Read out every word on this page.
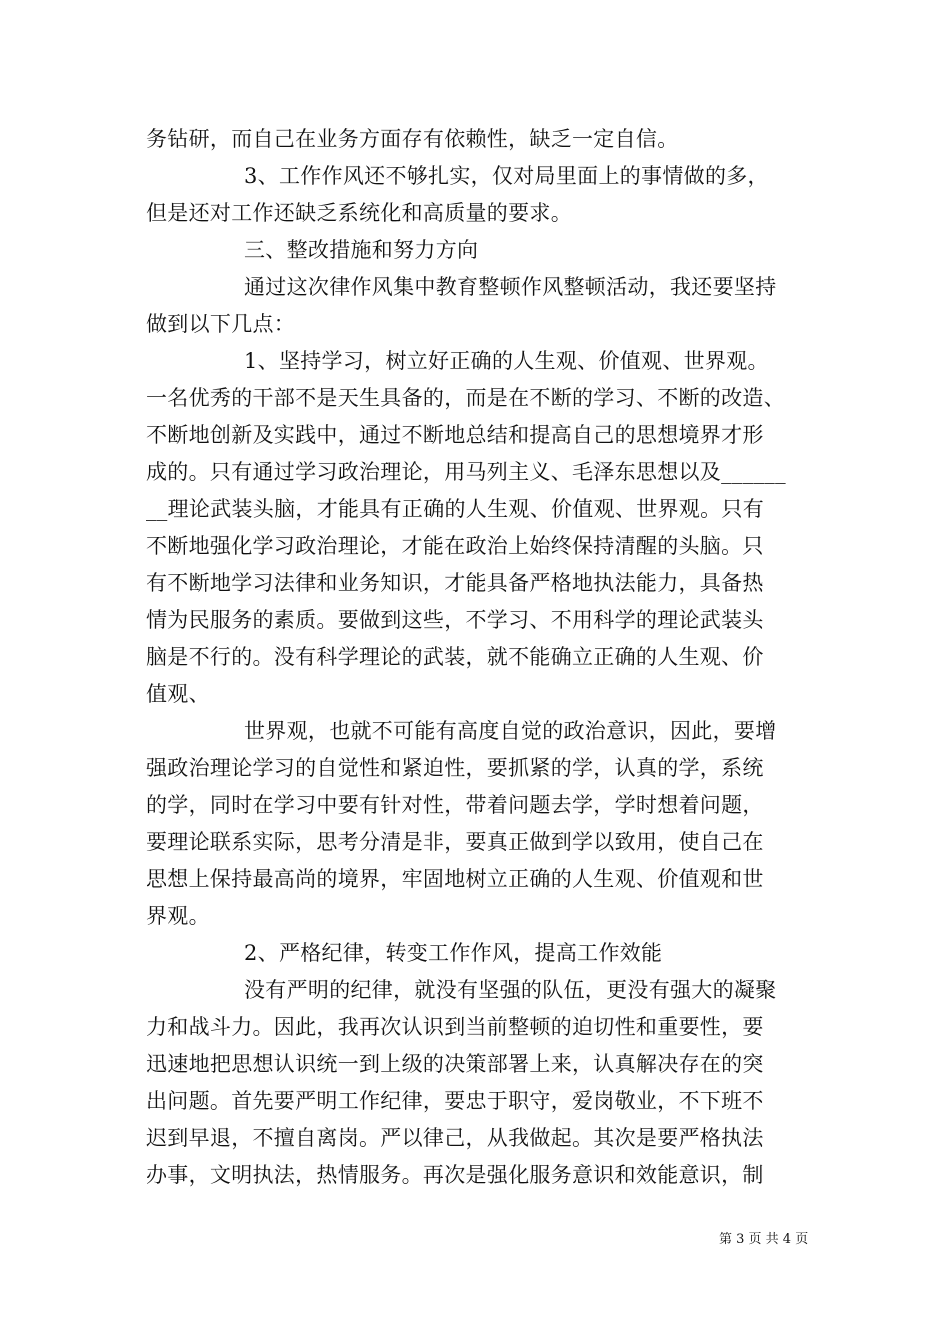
务钻研，而自己在业务方面存有依赖性，缺乏一定自信。
3、工作作风还不够扎实，仅对局里面上的事情做的多，
但是还对工作还缺乏系统化和高质量的要求。
三、整改措施和努力方向
通过这次律作风集中教育整顿作风整顿活动，我还要坚持
做到以下几点：
1、坚持学习，树立好正确的人生观、价值观、世界观。
一名优秀的干部不是天生具备的，而是在不断的学习、不断的改造、
不断地创新及实践中，通过不断地总结和提高自己的思想境界才形
成的。只有通过学习政治理论，用马列主义、毛泽东思想以及______
__理论武装头脑，才能具有正确的人生观、价值观、世界观。只有
不断地强化学习政治理论，才能在政治上始终保持清醒的头脑。只
有不断地学习法律和业务知识，才能具备严格地执法能力，具备热
情为民服务的素质。要做到这些，不学习、不用科学的理论武装头
脑是不行的。没有科学理论的武装，就不能确立正确的人生观、价
值观、
世界观，也就不可能有高度自觉的政治意识，因此，要增
强政治理论学习的自觉性和紧迫性，要抓紧的学，认真的学，系统
的学，同时在学习中要有针对性，带着问题去学，学时想着问题，
要理论联系实际，思考分清是非，要真正做到学以致用，使自己在
思想上保持最高尚的境界，牢固地树立正确的人生观、价值观和世
界观。
2、严格纪律，转变工作作风，提高工作效能
没有严明的纪律，就没有坚强的队伍，更没有强大的凝聚
力和战斗力。因此，我再次认识到当前整顿的迫切性和重要性，要
迅速地把思想认识统一到上级的决策部署上来，认真解决存在的突
出问题。首先要严明工作纪律，要忠于职守，爱岗敬业，不下班不
迟到早退，不擅自离岗。严以律己，从我做起。其次是要严格执法
办事，文明执法，热情服务。再次是强化服务意识和效能意识，制
第 3 页 共 4 页
